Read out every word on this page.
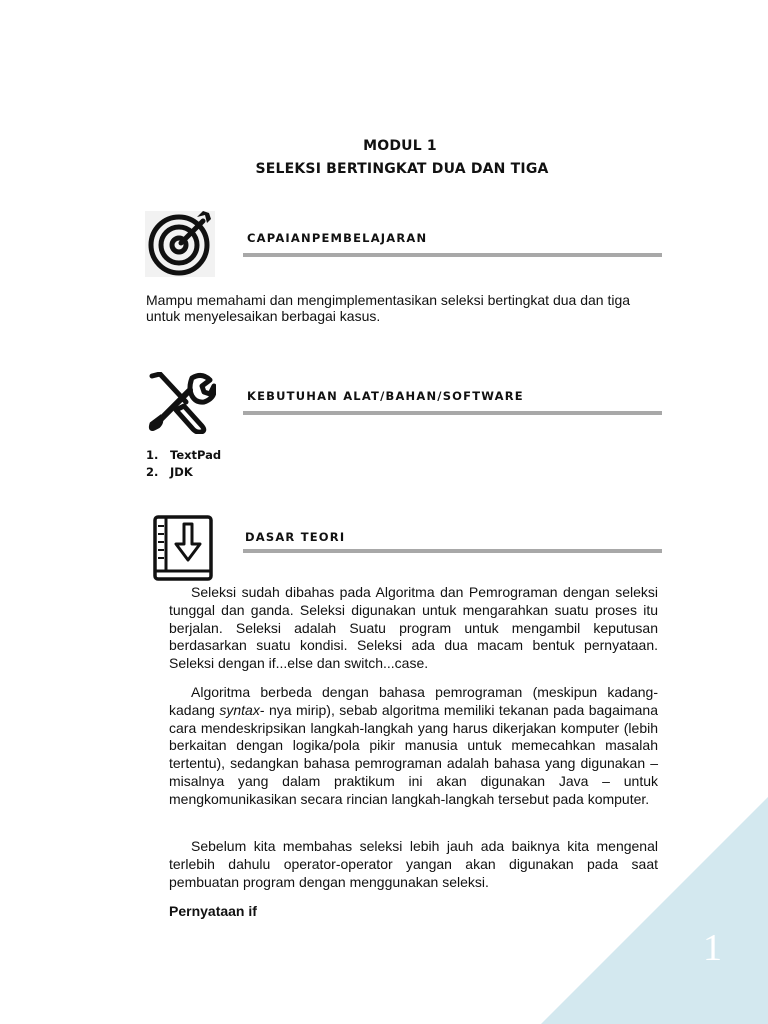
MODUL 1
SELEKSI BERTINGKAT DUA DAN TIGA
CAPAIANPEMBELAJARAN
Mampu memahami dan mengimplementasikan seleksi bertingkat dua dan tiga untuk menyelesaikan berbagai kasus.
KEBUTUHAN ALAT/BAHAN/SOFTWARE
1. TextPad
2. JDK
DASAR TEORI
Seleksi sudah dibahas pada Algoritma dan Pemrograman dengan seleksi tunggal dan ganda. Seleksi digunakan untuk mengarahkan suatu proses itu berjalan. Seleksi adalah Suatu program untuk mengambil keputusan berdasarkan suatu kondisi. Seleksi ada dua macam bentuk pernyataan. Seleksi dengan if...else dan switch...case.
Algoritma berbeda dengan bahasa pemrograman (meskipun kadang-kadang syntax- nya mirip), sebab algoritma memiliki tekanan pada bagaimana cara mendeskripsikan langkah-langkah yang harus dikerjakan komputer (lebih berkaitan dengan logika/pola pikir manusia untuk memecahkan masalah tertentu), sedangkan bahasa pemrograman adalah bahasa yang digunakan – misalnya yang dalam praktikum ini akan digunakan Java – untuk mengkomunikasikan secara rincian langkah-langkah tersebut pada komputer.
Sebelum kita membahas seleksi lebih jauh ada baiknya kita mengenal terlebih dahulu operator-operator yangan akan digunakan pada saat pembuatan program dengan menggunakan seleksi.
Pernyataan if
1
